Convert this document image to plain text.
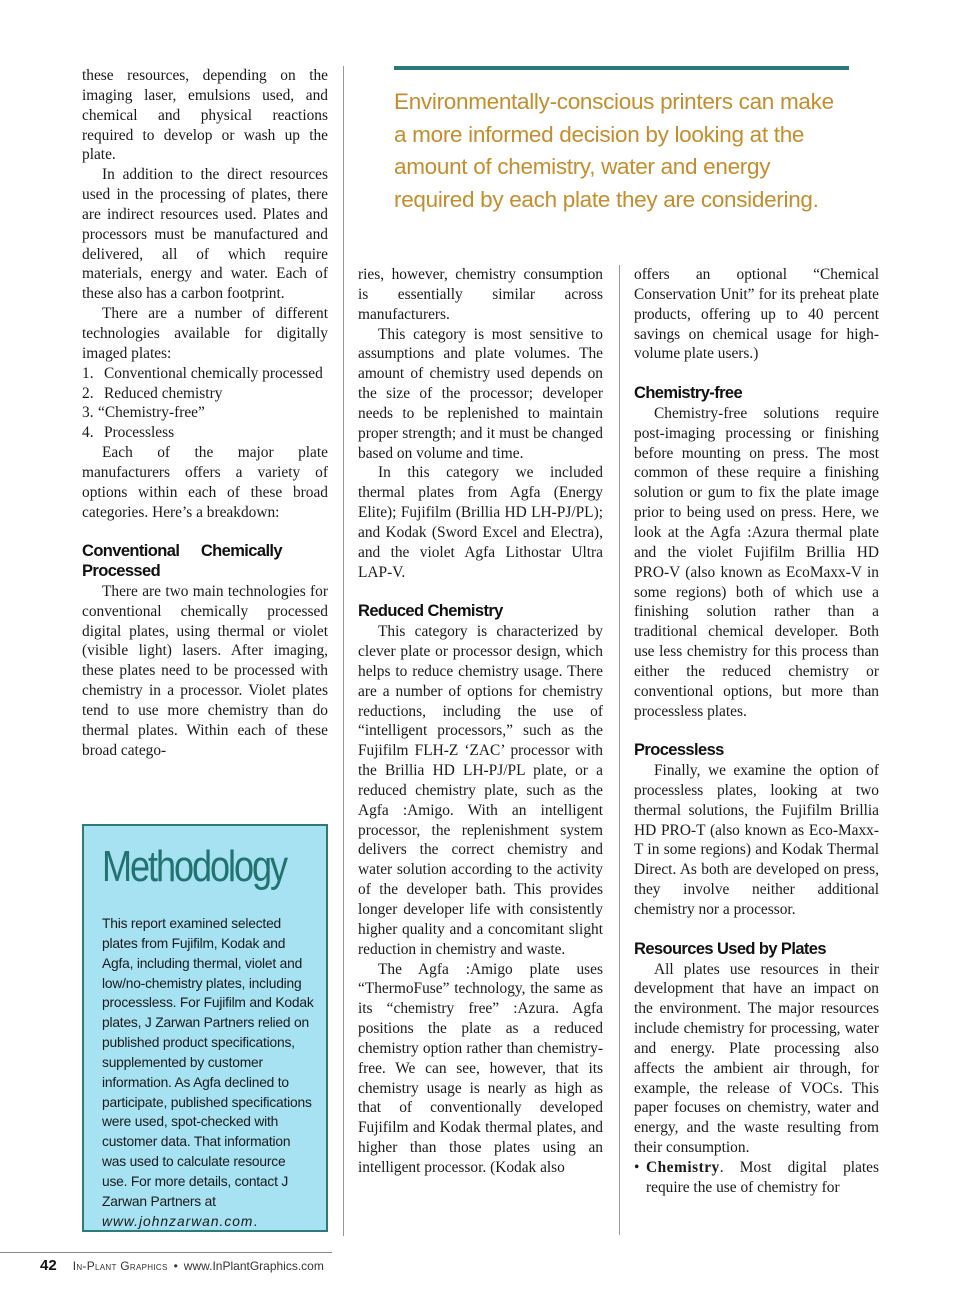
these resources, depending on the imaging laser, emulsions used, and chemical and physical reactions required to develop or wash up the plate.

In addition to the direct resources used in the processing of plates, there are indirect resources used. Plates and processors must be manufactured and delivered, all of which require materials, energy and water. Each of these also has a carbon footprint.

There are a number of different technologies available for digitally imaged plates:

1. Conventional chemically processed
2. Reduced chemistry
3. “Chemistry-free”
4. Processless

Each of the major plate manufacturers offers a variety of options within each of these broad categories. Here’s a breakdown:

Conventional Chemically Processed

There are two main technologies for conventional chemically processed digital plates, using thermal or violet (visible light) lasers. After imaging, these plates need to be processed with chemistry in a processor. Violet plates tend to use more chemistry than do thermal plates. Within each of these broad catego-

Environmentally-conscious printers can make a more informed decision by looking at the amount of chemistry, water and energy required by each plate they are considering.
Methodology
This report examined selected plates from Fujifilm, Kodak and Agfa, including thermal, violet and low/no-chemistry plates, including processless. For Fujifilm and Kodak plates, J Zarwan Partners relied on published product specifications, supplemented by customer information. As Agfa declined to participate, published specifications were used, spot-checked with customer data. That information was used to calculate resource use. For more details, contact J Zarwan Partners at www.johnzarwan.com.

ries, however, chemistry consumption is essentially similar across manufacturers.

This category is most sensitive to assumptions and plate volumes. The amount of chemistry used depends on the size of the processor; developer needs to be replenished to maintain proper strength; and it must be changed based on volume and time.

In this category we included thermal plates from Agfa (Energy Elite); Fujifilm (Brillia HD LH-PJ/PL); and Kodak (Sword Excel and Electra), and the violet Agfa Lithostar Ultra LAP-V.

Reduced Chemistry

This category is characterized by clever plate or processor design, which helps to reduce chemistry usage. There are a number of options for chemistry reductions, including the use of “intelligent processors,” such as the Fujifilm FLH-Z ‘ZAC’ processor with the Brillia HD LH-PJ/PL plate, or a reduced chemistry plate, such as the Agfa :Amigo. With an intelligent processor, the replenishment system delivers the correct chemistry and water solution according to the activity of the developer bath. This provides longer developer life with consistently higher quality and a concomitant slight reduction in chemistry and waste.

The Agfa :Amigo plate uses “ThermoFuse” technology, the same as its “chemistry free” :Azura. Agfa positions the plate as a reduced chemistry option rather than chemistry-free. We can see, however, that its chemistry usage is nearly as high as that of conventionally developed Fujifilm and Kodak thermal plates, and higher than those plates using an intelligent processor. (Kodak also

offers an optional “Chemical Conservation Unit” for its preheat plate products, offering up to 40 percent savings on chemical usage for high-volume plate users.)

Chemistry-free

Chemistry-free solutions require post-imaging processing or finishing before mounting on press. The most common of these require a finishing solution or gum to fix the plate image prior to being used on press. Here, we look at the Agfa :Azura thermal plate and the violet Fujifilm Brillia HD PRO-V (also known as EcoMaxx-V in some regions) both of which use a finishing solution rather than a traditional chemical developer. Both use less chemistry for this process than either the reduced chemistry or conventional options, but more than processless plates.

Processless

Finally, we examine the option of processless plates, looking at two thermal solutions, the Fujifilm Brillia HD PRO-T (also known as Eco-Maxx-T in some regions) and Kodak Thermal Direct. As both are developed on press, they involve neither additional chemistry nor a processor.

Resources Used by Plates

All plates use resources in their development that have an impact on the environment. The major resources include chemistry for processing, water and energy. Plate processing also affects the ambient air through, for example, the release of VOCs. This paper focuses on chemistry, water and energy, and the waste resulting from their consumption.

• Chemistry. Most digital plates require the use of chemistry for

42 In-Plant Graphics • www.InPlantGraphics.com
